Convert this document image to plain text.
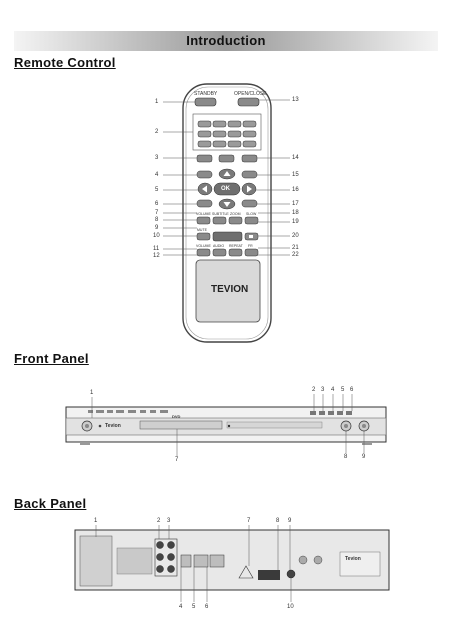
Introduction
Remote Control
Front Panel
Back Panel
STANDBY	OPEN/CLOSE
OK
VOLUME SUBTITLE ZOOM SLOW
MUTE
VOLUME AUDIO REPEAT FR
TEVION
1
2
3
4
5
6
7
8
9
10
11
12
13
14
15
16
17
18
19
20
21
22
1	2 3 4 5 6
7	8 9
Tevion
DVD
1	2 3	7	8 9
4 5 6	10
Tevion
